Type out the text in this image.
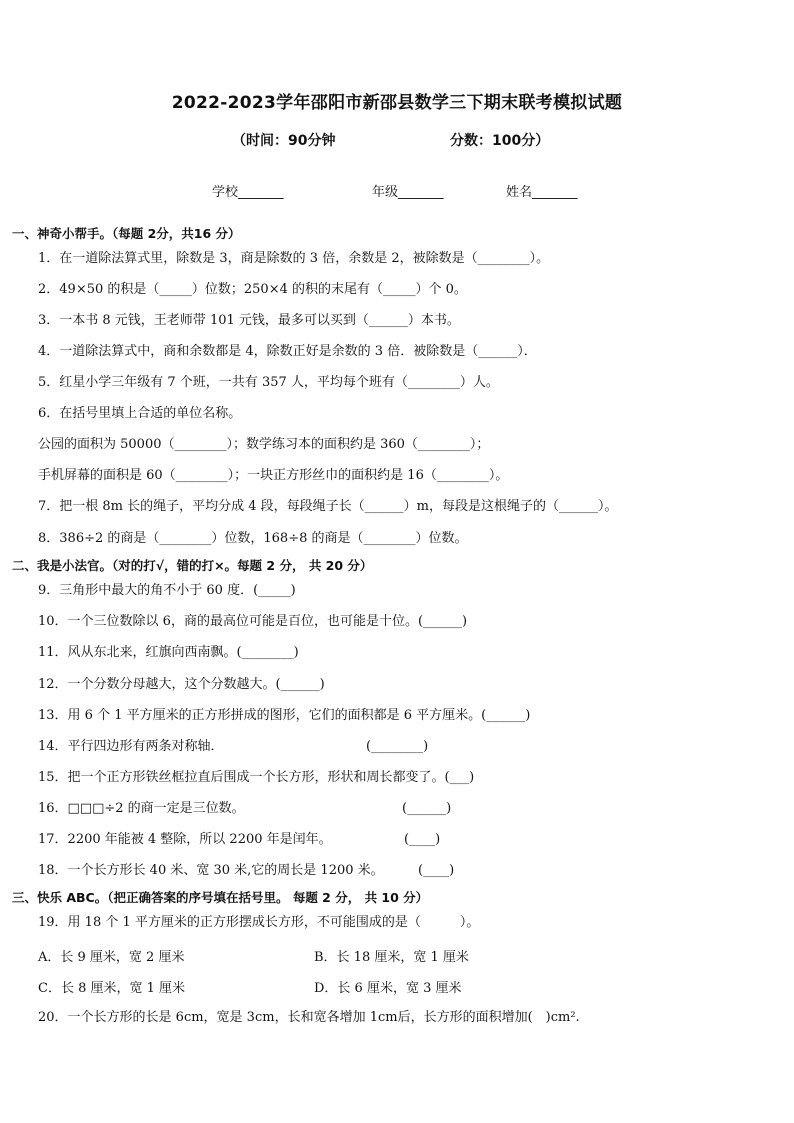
2022-2023学年邵阳市新邵县数学三下期末联考模拟试题
（时间：90分钟	分数：100分）
学校_______	年级_______	姓名_______
一、神奇小帮手。（每题 2分，共16 分）
1．在一道除法算式里，除数是 3，商是除数的 3 倍，余数是 2，被除数是（________）。
2．49×50 的积是（_____）位数；250×4 的积的末尾有（_____）个 0。
3．一本书 8 元钱，王老师带 101 元钱，最多可以买到（______）本书。
4．一道除法算式中，商和余数都是 4，除数正好是余数的 3 倍．被除数是（______）．
5．红星小学三年级有 7 个班，一共有 357 人，平均每个班有（________）人。
6．在括号里填上合适的单位名称。
公园的面积为 50000（________）；数学练习本的面积约是 360（________）；
手机屏幕的面积是 60（________）；一块正方形丝巾的面积约是 16（________）。
7．把一根 8m 长的绳子，平均分成 4 段，每段绳子长（______）m，每段是这根绳子的（______）。
8．386÷2 的商是（________）位数，168÷8 的商是（________）位数。
二、我是小法官。（对的打√，错的打×。每题 2 分， 共 20 分）
9．三角形中最大的角不小于 60 度．(_____)
10．一个三位数除以 6，商的最高位可能是百位，也可能是十位。(______)
11．风从东北来，红旗向西南飘。(________)
12．一个分数分母越大，这个分数越大。(______)
13．用 6 个 1 平方厘米的正方形拼成的图形，它们的面积都是 6 平方厘米。(______)
14．平行四边形有两条对称轴．	(________)
15．把一个正方形铁丝框拉直后围成一个长方形，形状和周长都变了。(___)
16．□□□÷2 的商一定是三位数。	(______)
17．2200 年能被 4 整除，所以 2200 年是闰年。	(____)
18．一个长方形长 40 米、宽 30 米,它的周长是 1200 米。	(____)
三、快乐 ABC。（把正确答案的序号填在括号里。 每题 2 分， 共 10 分）
19．用 18 个 1 平方厘米的正方形摆成长方形，不可能围成的是（　　　）。
A．长 9 厘米，宽 2 厘米	B．长 18 厘米，宽 1 厘米
C．长 8 厘米，宽 1 厘米	D．长 6 厘米，宽 3 厘米
20．一个长方形的长是 6cm，宽是 3cm，长和宽各增加 1cm后，长方形的面积增加(　)cm².
